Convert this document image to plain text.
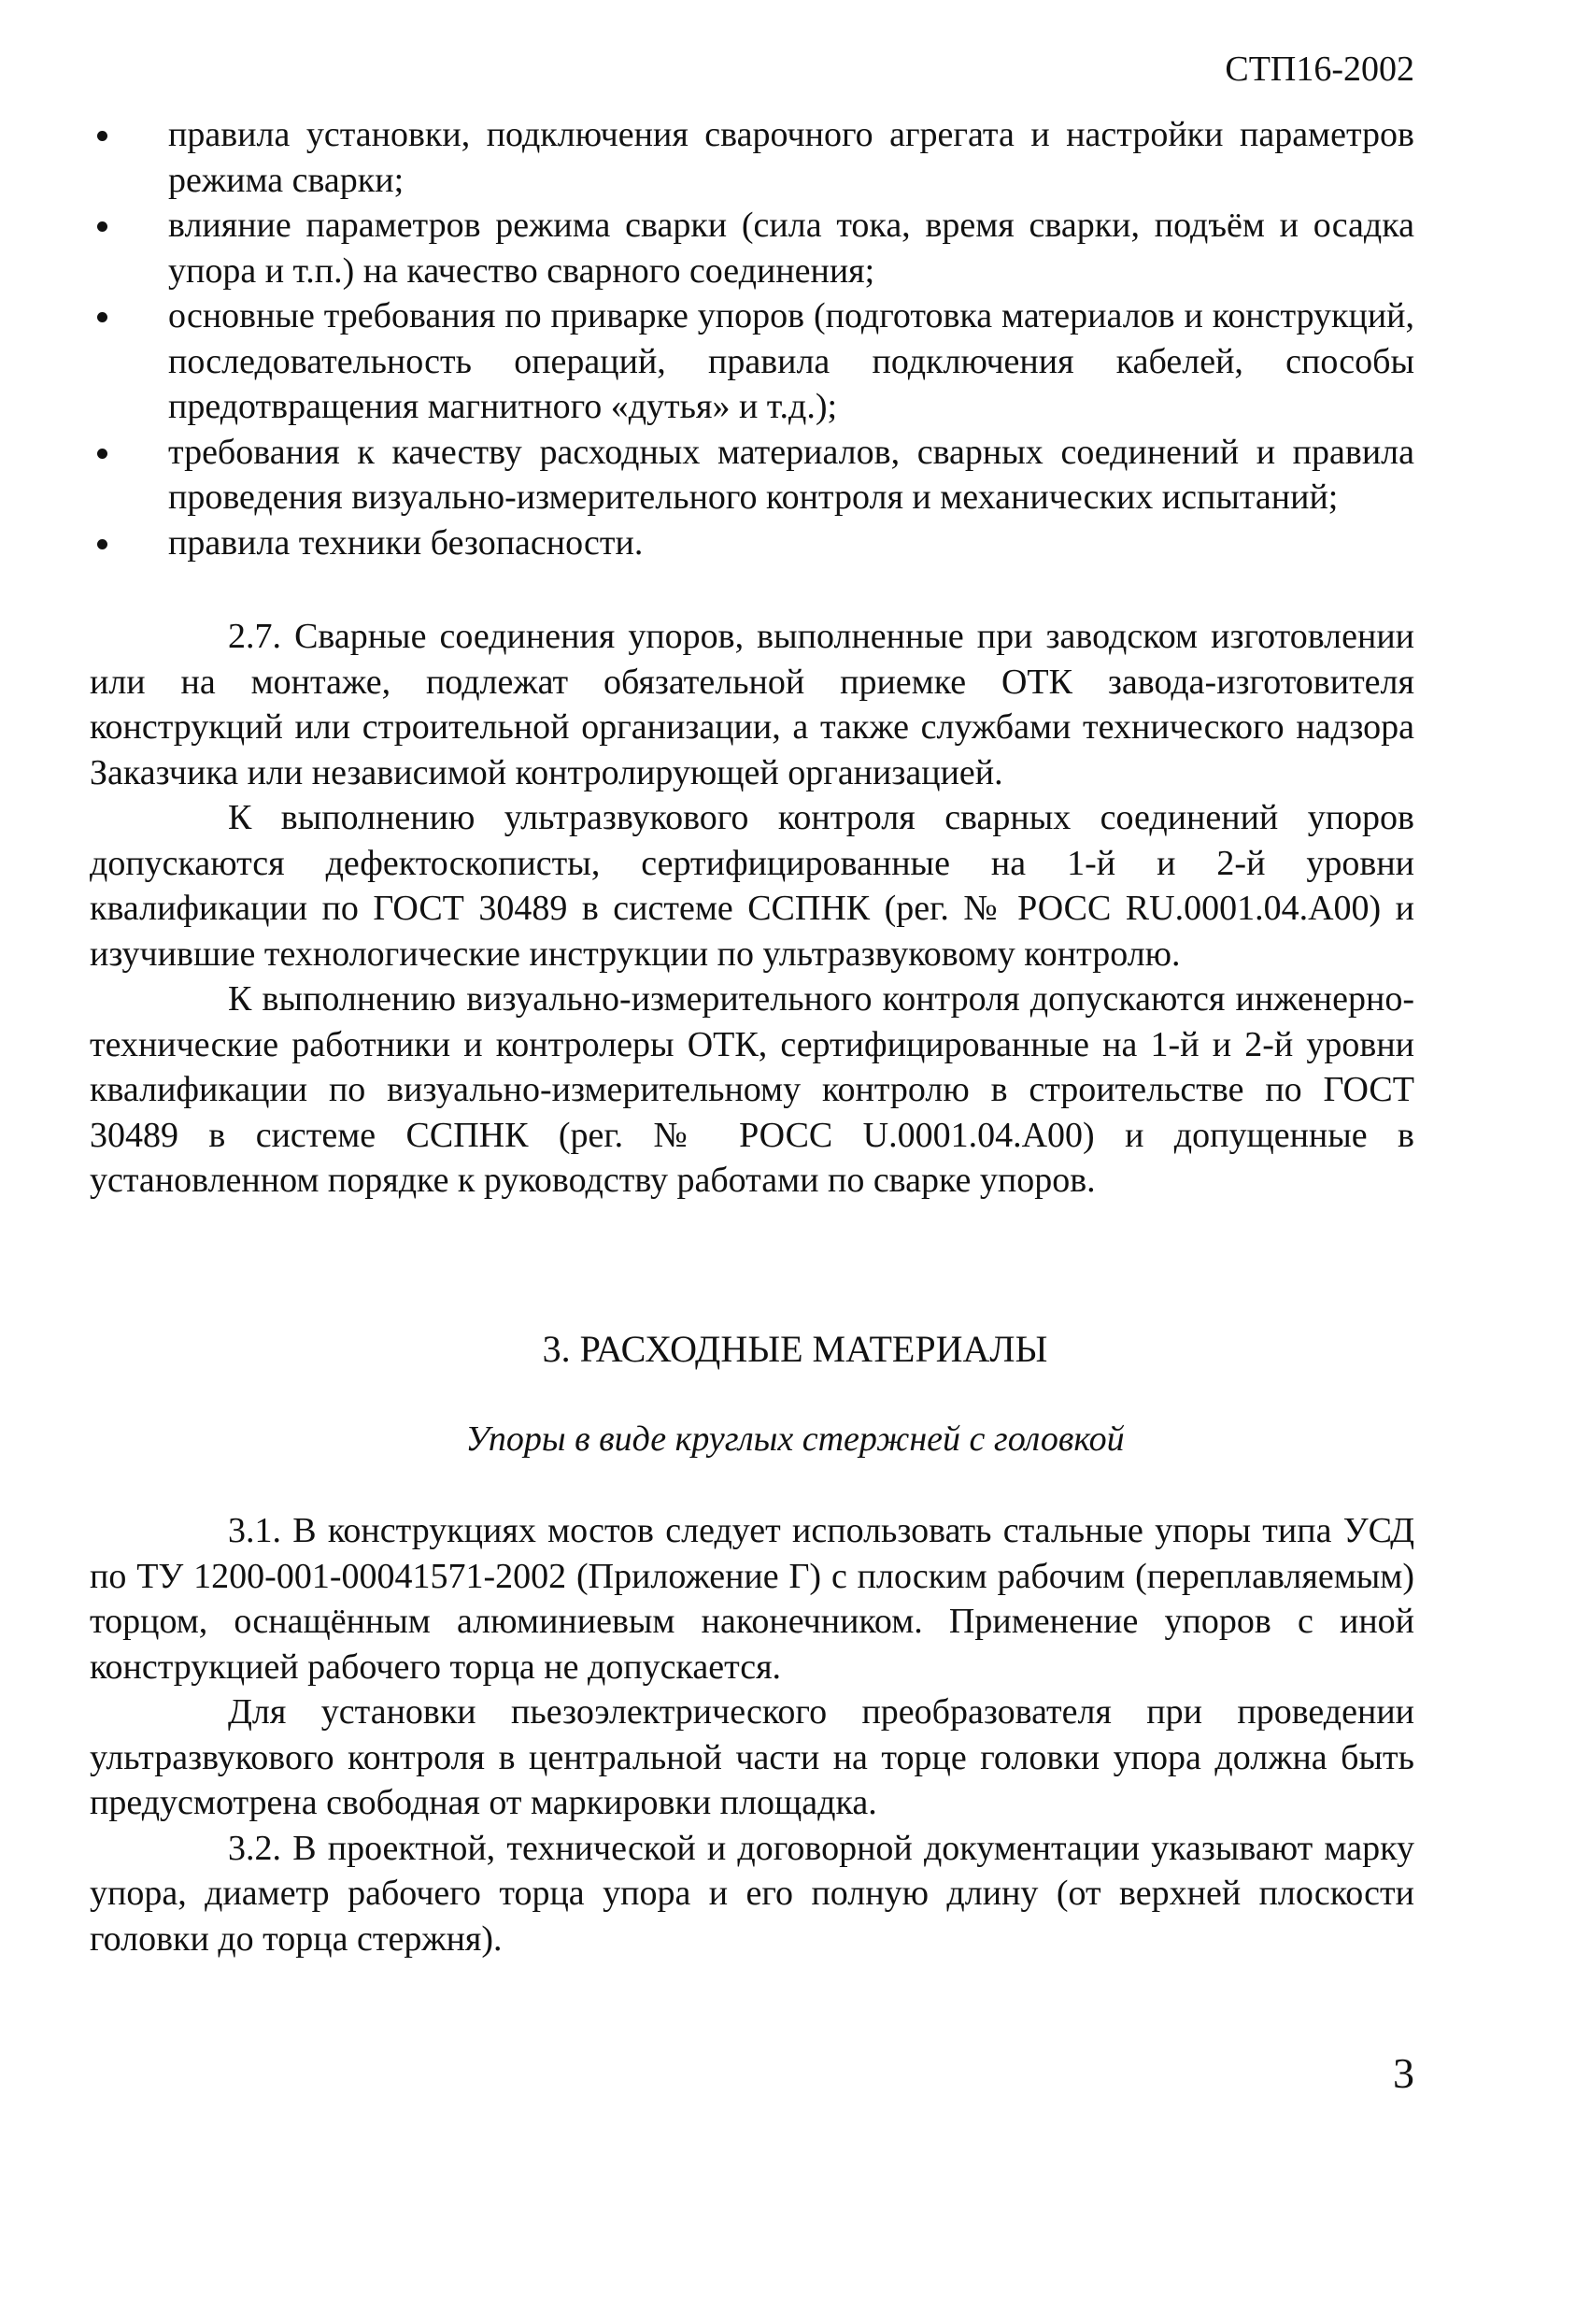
СТП16-2002
правила установки, подключения сварочного агрегата и настройки параметров режима сварки;
влияние параметров режима сварки (сила тока, время сварки, подъём и осадка упора и т.п.) на качество сварного соединения;
основные требования по приварке упоров (подготовка материалов и конструкций, последовательность операций, правила подключения кабелей, способы предотвращения магнитного «дутья» и т.д.);
требования к качеству расходных материалов, сварных соединений и правила проведения визуально-измерительного контроля и механических испытаний;
правила техники безопасности.

2.7. Сварные соединения упоров, выполненные при заводском изготовлении или на монтаже, подлежат обязательной приемке ОТК завода-изготовителя конструкций или строительной организации, а также службами технического надзора Заказчика или независимой контролирующей организацией.

К выполнению ультразвукового контроля сварных соединений упоров допускаются дефектоскописты, сертифицированные на 1-й и 2-й уровни квалификации по ГОСТ 30489 в системе ССПНК (рег. № РОСС RU.0001.04.А00) и изучившие технологические инструкции по ультразвуковому контролю.

К выполнению визуально-измерительного контроля допускаются инженерно-технические работники и контролеры ОТК, сертифицированные на 1-й и 2-й уровни квалификации по визуально-измерительному контролю в строительстве по ГОСТ 30489 в системе ССПНК (рег. № РОСС U.0001.04.А00) и допущенные в установленном порядке к руководству работами по сварке упоров.

3. РАСХОДНЫЕ МАТЕРИАЛЫ
Упоры в виде круглых стержней с головкой

3.1. В конструкциях мостов следует использовать стальные упоры типа УСД по ТУ 1200-001-00041571-2002 (Приложение Г) с плоским рабочим (переплавляемым) торцом, оснащённым алюминиевым наконечником. Применение упоров с иной конструкцией рабочего торца не допускается.

Для установки пьезоэлектрического преобразователя при проведении ультразвукового контроля в центральной части на торце головки упора должна быть предусмотрена свободная от маркировки площадка.

3.2. В проектной, технической и договорной документации указывают марку упора, диаметр рабочего торца упора и его полную длину (от верхней плоскости головки до торца стержня).

3
